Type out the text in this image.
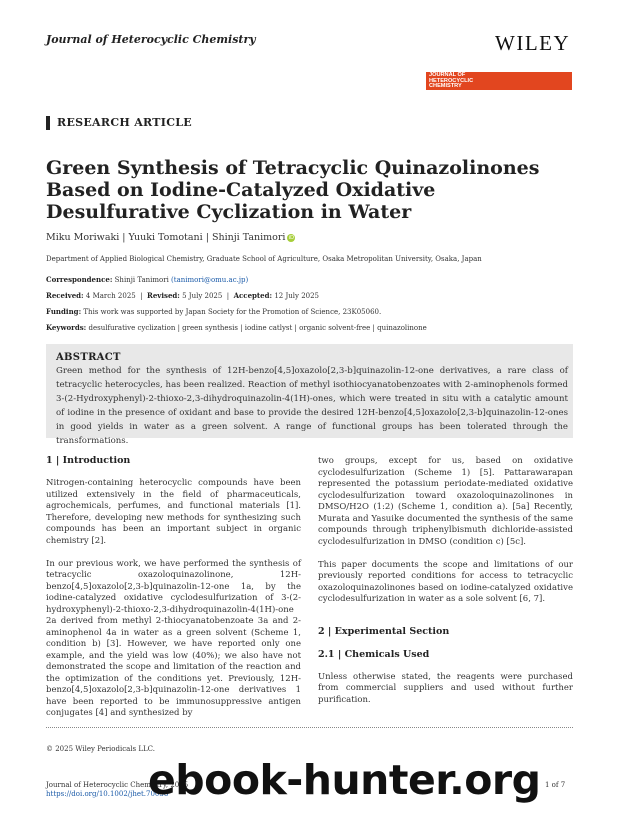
Journal of Heterocyclic Chemistry	WILEY
JOURNAL OF
HETEROCYCLIC
CHEMISTRY
RESEARCH ARTICLE
Green Synthesis of Tetracyclic Quinazolinones Based on Iodine-Catalyzed Oxidative Desulfurative Cyclization in Water
Miku Moriwaki | Yuuki Tomotani | Shinji Tanimori iD
Department of Applied Biological Chemistry, Graduate School of Agriculture, Osaka Metropolitan University, Osaka, Japan
Correspondence: Shinji Tanimori (tanimori@omu.ac.jp)
Received: 4 March 2025  |  Revised: 5 July 2025  |  Accepted: 12 July 2025
Funding: This work was supported by Japan Society for the Promotion of Science, 23K05060.
Keywords: desulfurative cyclization | green synthesis | iodine catlyst | organic solvent-free | quinazolinone
ABSTRACT
Green method for the synthesis of 12H-benzo[4,5]oxazolo[2,3-b]quinazolin-12-one derivatives, a rare class of tetracyclic heterocycles, has been realized. Reaction of methyl isothiocyanatobenzoates with 2-aminophenols formed 3-(2-Hydroxyphenyl)-2-thioxo-2,3-dihydroquinazolin-4(1H)-ones, which were treated in situ with a catalytic amount of iodine in the presence of oxidant and base to provide the desired 12H-benzo[4,5]oxazolo[2,3-b]quinazolin-12-ones in good yields in water as a green solvent. A range of functional groups has been tolerated through the transformations.
1 | Introduction

Nitrogen-containing heterocyclic compounds have been utilized extensively in the field of pharmaceuticals, agrochemicals, perfumes, and functional materials [1]. Therefore, developing new methods for synthesizing such compounds has been an important subject in organic chemistry [2].

In our previous work, we have performed the synthesis of tetracyclic oxazoloquinazolinone, 12H-benzo[4,5]oxazolo[2,3-b]quinazolin-12-one 1a, by the iodine-catalyzed oxidative cyclodesulfurization of 3-(2-hydroxyphenyl)-2-thioxo-2,3-dihydroquinazolin-4(1H)-one 2a derived from methyl 2-thiocyanatobenzoate 3a and 2-aminophenol 4a in water as a green solvent (Scheme 1, condition b) [3]. However, we have reported only one example, and the yield was low (40%); we also have not demonstrated the scope and limitation of the reaction and the optimization of the conditions yet. Previously, 12H-benzo[4,5]oxazolo[2,3-b]quinazolin-12-one derivatives 1 have been reported to be immunosuppressive antigen conjugates [4] and synthesized by

two groups, except for us, based on oxidative cyclodesulfurization (Scheme 1) [5]. Pattarawarapan represented the potassium periodate-mediated oxidative cyclodesulfurization toward oxazoloquinazolinones in DMSO/H2O (1:2) (Scheme 1, condition a). [5a] Recently, Murata and Yasuike documented the synthesis of the same compounds through triphenylbismuth dichloride-assisted cyclodesulfurization in DMSO (condition c) [5c].

This paper documents the scope and limitations of our previously reported conditions for access to tetracyclic oxazoloquinazolinones based on iodine-catalyzed oxidative cyclodesulfurization in water as a sole solvent [6, 7].

2 | Experimental Section
2.1 | Chemicals Used

Unless otherwise stated, the reagents were purchased from commercial suppliers and used without further purification.

© 2025 Wiley Periodicals LLC.
Journal of Heterocyclic Chemistry, 2025
https://doi.org/10.1002/jhet.70038
1 of 7
ebook-hunter.org
